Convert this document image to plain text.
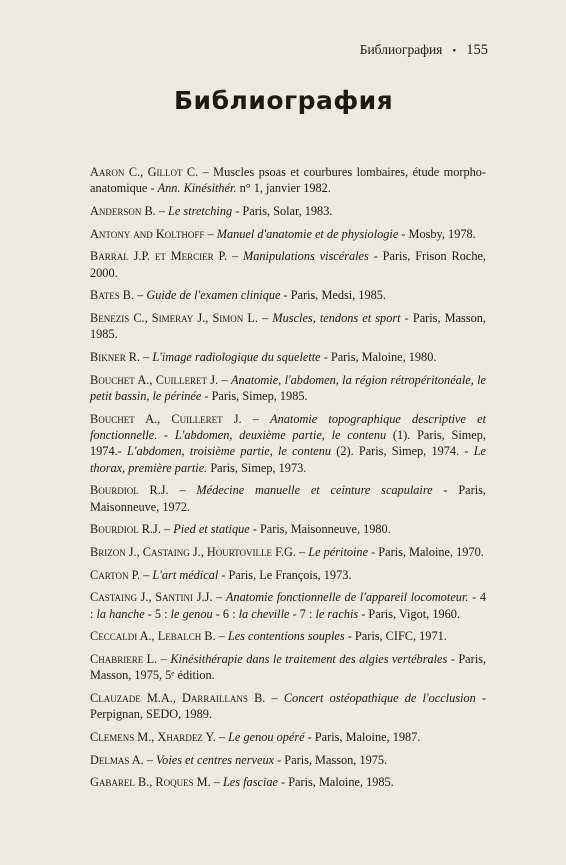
Библиография • 155
Библиография

Aaron C., Gillot C. – Muscles psoas et courbures lombaires, étude morpho-anatomique - Ann. Kinésithér. n° 1, janvier 1982.

Anderson B. – Le stretching - Paris, Solar, 1983.

Antony and Kolthoff – Manuel d'anatomie et de physiologie - Mosby, 1978.

Barral J.P. et Mercier P. – Manipulations viscérales - Paris, Frison Roche, 2000.

Bates B. – Guide de l'examen clinique - Paris, Medsi, 1985.

Benezis C., Simeray J., Simon L. – Muscles, tendons et sport - Paris, Masson, 1985.

Bikner R. – L'image radiologique du squelette - Paris, Maloine, 1980.

Bouchet A., Cuilleret J. – Anatomie, l'abdomen, la région rétropéritonéale, le petit bassin, le périnée - Paris, Simep, 1985.

Bouchet A., Cuilleret J. – Anatomie topographique descriptive et fonctionnelle. - L'abdomen, deuxième partie, le contenu (1). Paris, Simep, 1974.- L'abdomen, troisième partie, le contenu (2). Paris, Simep, 1974. - Le thorax, première partie. Paris, Simep, 1973.

Bourdiol R.J. – Médecine manuelle et ceinture scapulaire - Paris, Maisonneuve, 1972.

Bourdiol R.J. – Pied et statique - Paris, Maisonneuve, 1980.

Brizon J., Castaing J., Hourtoville F.G. – Le péritoine - Paris, Maloine, 1970.

Carton P. – L'art médical - Paris, Le François, 1973.

Castaing J., Santini J.J. – Anatomie fonctionnelle de l'appareil locomoteur. - 4 : la hanche - 5 : le genou - 6 : la cheville - 7 : le rachis - Paris, Vigot, 1960.

Ceccaldi A., Lebalch B. – Les contentions souples - Paris, CIFC, 1971.

Chabriere L. – Kinésithérapie dans le traitement des algies vertébrales - Paris, Masson, 1975, 5ᵉ édition.

Clauzade M.A., Darraillans B. – Concert ostéopathique de l'occlusion - Perpignan, SEDO, 1989.

Clemens M., Xhardez Y. – Le genou opéré - Paris, Maloine, 1987.

Delmas A. – Voies et centres nerveux - Paris, Masson, 1975.

Gabarel B., Roques M. – Les fasciae - Paris, Maloine, 1985.
